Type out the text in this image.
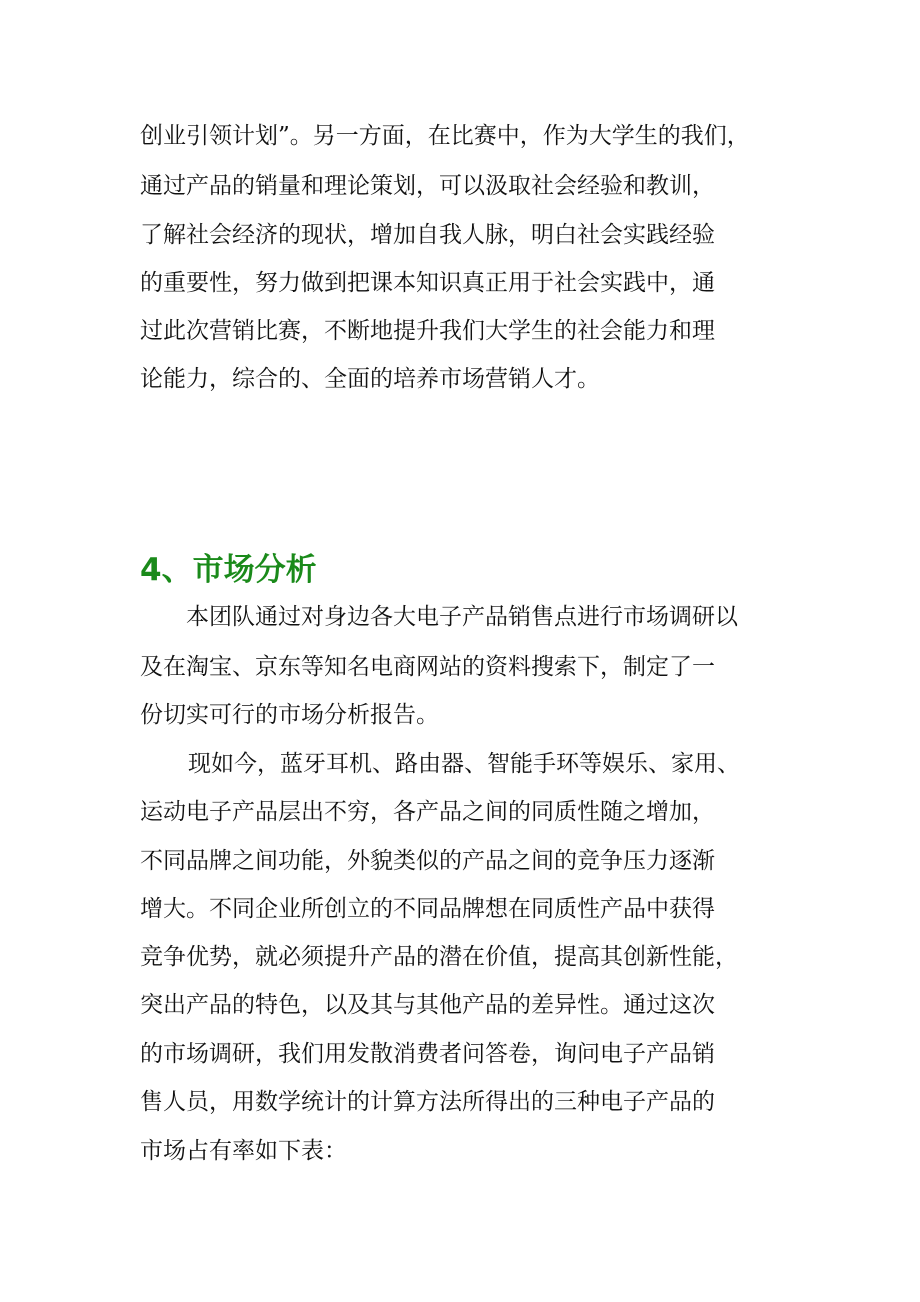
创业引领计划”。另一方面，在比赛中，作为大学生的我们，
通过产品的销量和理论策划，可以汲取社会经验和教训，
了解社会经济的现状，增加自我人脉，明白社会实践经验
的重要性，努力做到把课本知识真正用于社会实践中，通
过此次营销比赛，不断地提升我们大学生的社会能力和理
论能力，综合的、全面的培养市场营销人才。
4、市场分析
本团队通过对身边各大电子产品销售点进行市场调研以
及在淘宝、京东等知名电商网站的资料搜索下，制定了一
份切实可行的市场分析报告。
现如今，蓝牙耳机、路由器、智能手环等娱乐、家用、
运动电子产品层出不穷，各产品之间的同质性随之增加，
不同品牌之间功能，外貌类似的产品之间的竞争压力逐渐
增大。不同企业所创立的不同品牌想在同质性产品中获得
竞争优势，就必须提升产品的潜在价值，提高其创新性能，
突出产品的特色，以及其与其他产品的差异性。通过这次
的市场调研，我们用发散消费者问答卷，询问电子产品销
售人员，用数学统计的计算方法所得出的三种电子产品的
市场占有率如下表：
